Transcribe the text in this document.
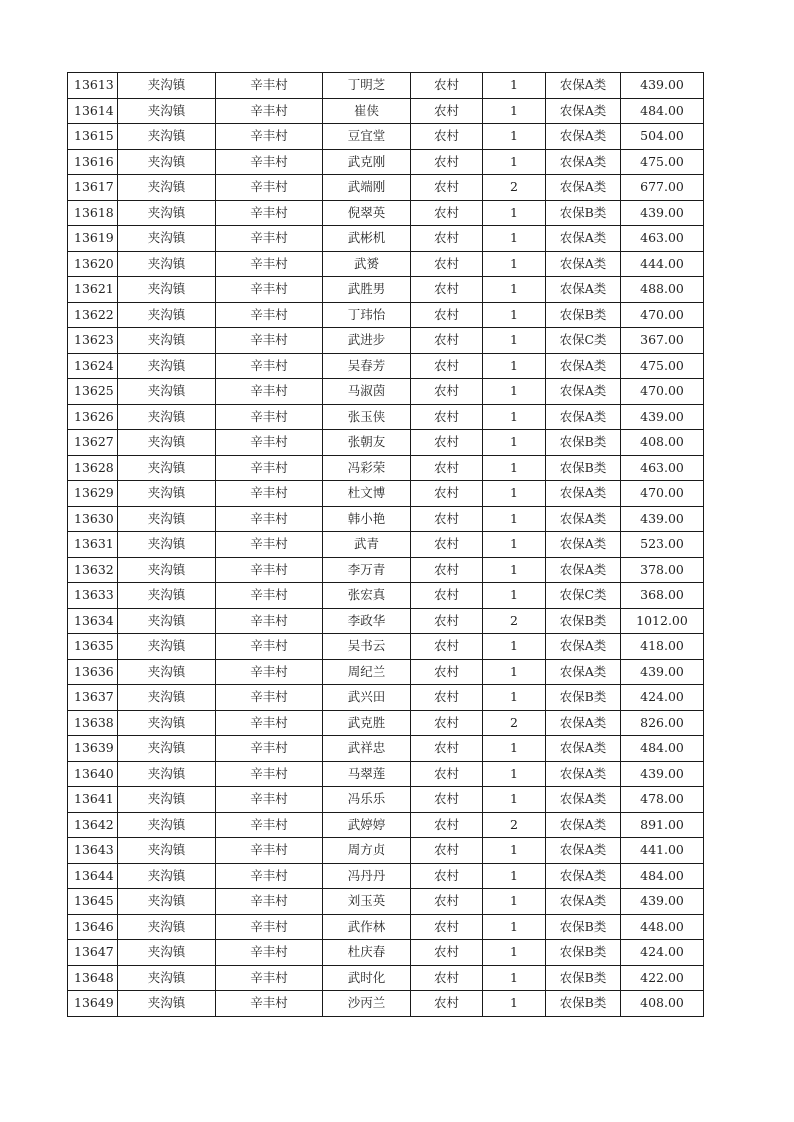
13613	夹沟镇	辛丰村	丁明芝	农村	1	农保A类	439.00
13614	夹沟镇	辛丰村	崔侠	农村	1	农保A类	484.00
13615	夹沟镇	辛丰村	豆宜堂	农村	1	农保A类	504.00
13616	夹沟镇	辛丰村	武克刚	农村	1	农保A类	475.00
13617	夹沟镇	辛丰村	武端刚	农村	2	农保A类	677.00
13618	夹沟镇	辛丰村	倪翠英	农村	1	农保B类	439.00
13619	夹沟镇	辛丰村	武彬机	农村	1	农保A类	463.00
13620	夹沟镇	辛丰村	武赟	农村	1	农保A类	444.00
13621	夹沟镇	辛丰村	武胜男	农村	1	农保A类	488.00
13622	夹沟镇	辛丰村	丁玮怡	农村	1	农保B类	470.00
13623	夹沟镇	辛丰村	武进步	农村	1	农保C类	367.00
13624	夹沟镇	辛丰村	吴春芳	农村	1	农保A类	475.00
13625	夹沟镇	辛丰村	马淑茵	农村	1	农保A类	470.00
13626	夹沟镇	辛丰村	张玉侠	农村	1	农保A类	439.00
13627	夹沟镇	辛丰村	张朝友	农村	1	农保B类	408.00
13628	夹沟镇	辛丰村	冯彩荣	农村	1	农保B类	463.00
13629	夹沟镇	辛丰村	杜文博	农村	1	农保A类	470.00
13630	夹沟镇	辛丰村	韩小艳	农村	1	农保A类	439.00
13631	夹沟镇	辛丰村	武青	农村	1	农保A类	523.00
13632	夹沟镇	辛丰村	李万青	农村	1	农保A类	378.00
13633	夹沟镇	辛丰村	张宏真	农村	1	农保C类	368.00
13634	夹沟镇	辛丰村	李政华	农村	2	农保B类	1012.00
13635	夹沟镇	辛丰村	吴书云	农村	1	农保A类	418.00
13636	夹沟镇	辛丰村	周纪兰	农村	1	农保A类	439.00
13637	夹沟镇	辛丰村	武兴田	农村	1	农保B类	424.00
13638	夹沟镇	辛丰村	武克胜	农村	2	农保A类	826.00
13639	夹沟镇	辛丰村	武祥忠	农村	1	农保A类	484.00
13640	夹沟镇	辛丰村	马翠莲	农村	1	农保A类	439.00
13641	夹沟镇	辛丰村	冯乐乐	农村	1	农保A类	478.00
13642	夹沟镇	辛丰村	武婷婷	农村	2	农保A类	891.00
13643	夹沟镇	辛丰村	周方贞	农村	1	农保A类	441.00
13644	夹沟镇	辛丰村	冯丹丹	农村	1	农保A类	484.00
13645	夹沟镇	辛丰村	刘玉英	农村	1	农保A类	439.00
13646	夹沟镇	辛丰村	武作林	农村	1	农保B类	448.00
13647	夹沟镇	辛丰村	杜庆春	农村	1	农保B类	424.00
13648	夹沟镇	辛丰村	武时化	农村	1	农保B类	422.00
13649	夹沟镇	辛丰村	沙丙兰	农村	1	农保B类	408.00
